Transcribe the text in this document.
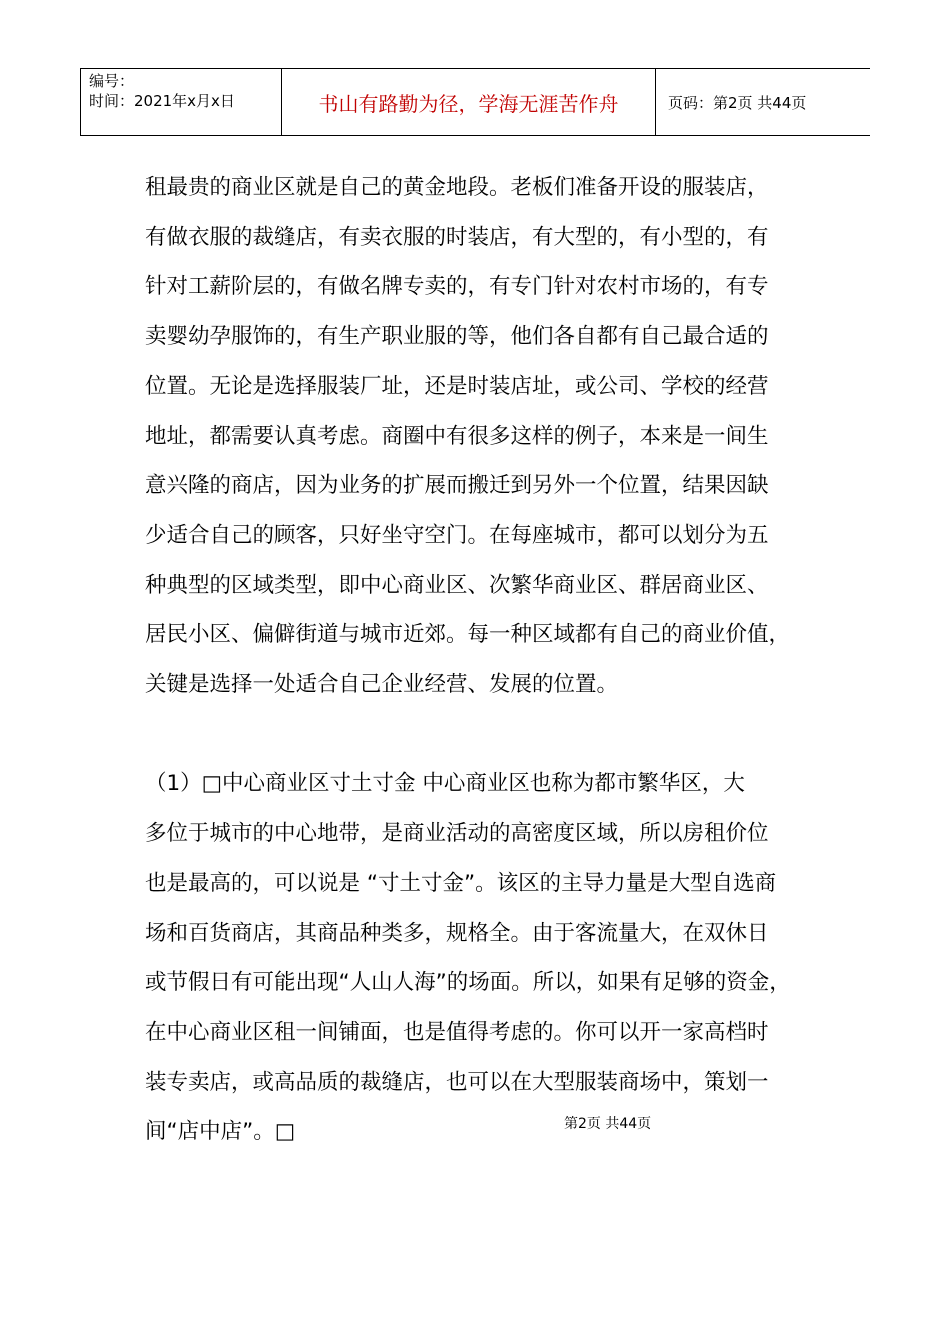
编号：
时间：2021年x月x日	书山有路勤为径，学海无涯苦作舟	页码：第2页 共44页

租最贵的商业区就是自己的黄金地段。老板们准备开设的服装店，

有做衣服的裁缝店，有卖衣服的时装店，有大型的，有小型的，有

针对工薪阶层的，有做名牌专卖的，有专门针对农村市场的，有专

卖婴幼孕服饰的，有生产职业服的等，他们各自都有自己最合适的

位置。无论是选择服装厂址，还是时装店址，或公司、学校的经营

地址，都需要认真考虑。商圈中有很多这样的例子，本来是一间生

意兴隆的商店，因为业务的扩展而搬迁到另外一个位置，结果因缺

少适合自己的顾客，只好坐守空门。在每座城市，都可以划分为五

种典型的区域类型，即中心商业区、次繁华商业区、群居商业区、

居民小区、偏僻街道与城市近郊。每一种区域都有自己的商业价值，

关键是选择一处适合自己企业经营、发展的位置。

（1）□中心商业区寸土寸金 中心商业区也称为都市繁华区，大

多位于城市的中心地带，是商业活动的高密度区域，所以房租价位

也是最高的，可以说是 “寸土寸金”。该区的主导力量是大型自选商

场和百货商店，其商品种类多，规格全。由于客流量大，在双休日

或节假日有可能出现“人山人海”的场面。所以，如果有足够的资金，

在中心商业区租一间铺面，也是值得考虑的。你可以开一家高档时

装专卖店，或高品质的裁缝店，也可以在大型服装商场中，策划一

间“店中店”。□	第2页 共44页
